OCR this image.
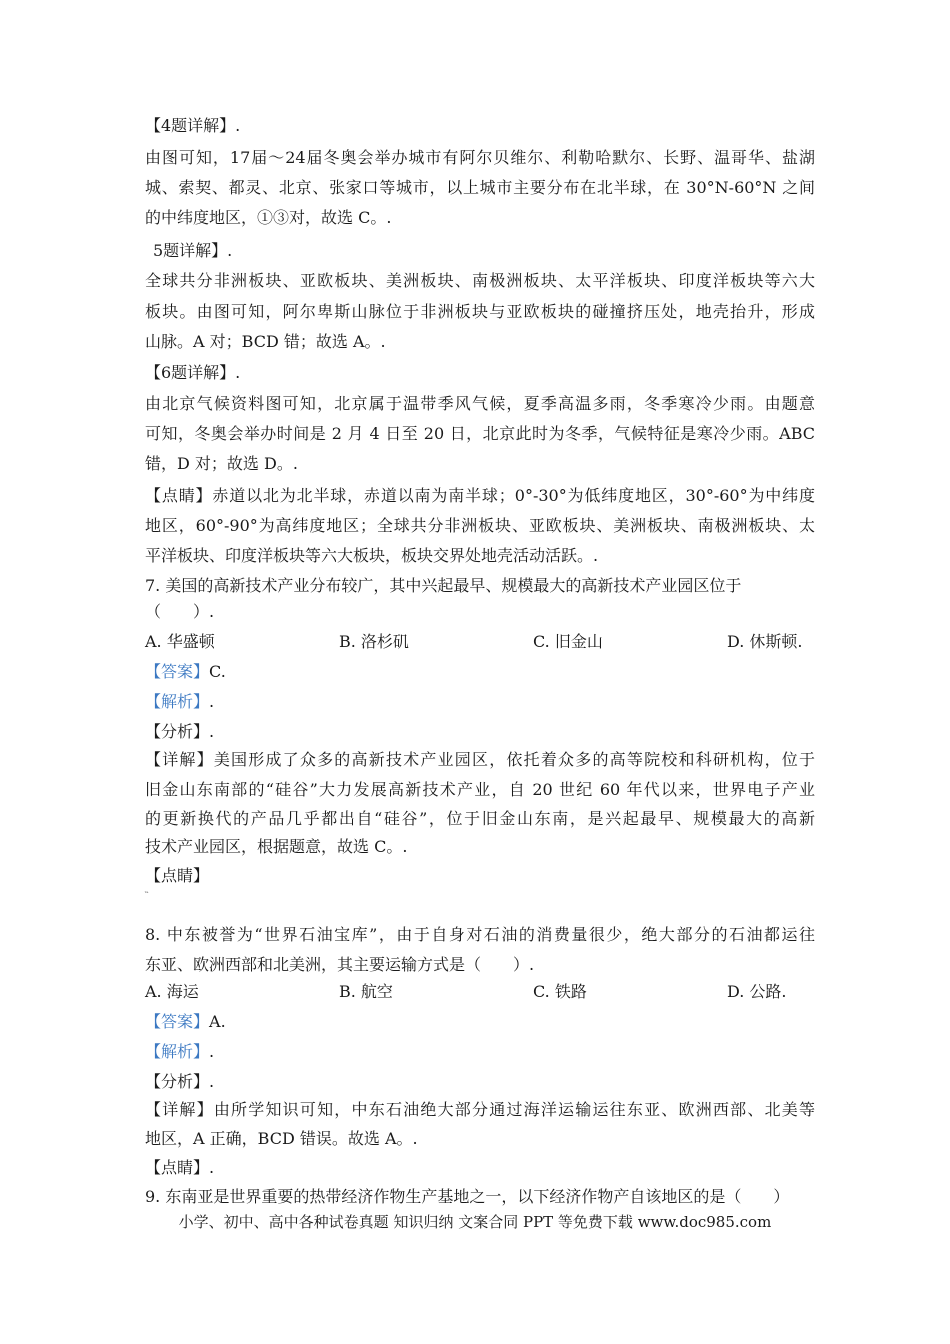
【4题详解】.
由图可知，17届～24届冬奥会举办城市有阿尔贝维尔、利勒哈默尔、长野、温哥华、盐湖
城、索契、都灵、北京、张家口等城市，以上城市主要分布在北半球，在 30°N-60°N 之间
的中纬度地区，①③对，故选 C。.
5题详解】.
全球共分非洲板块、亚欧板块、美洲板块、南极洲板块、太平洋板块、印度洋板块等六大
板块。由图可知，阿尔卑斯山脉位于非洲板块与亚欧板块的碰撞挤压处，地壳抬升，形成
山脉。A 对；BCD 错；故选 A。.
【6题详解】.
由北京气候资料图可知，北京属于温带季风气候，夏季高温多雨，冬季寒冷少雨。由题意
可知，冬奥会举办时间是 2 月 4 日至 20 日，北京此时为冬季，气候特征是寒冷少雨。ABC
错，D 对；故选 D。.
【点睛】赤道以北为北半球，赤道以南为南半球；0°-30°为低纬度地区，30°-60°为中纬度
地区，60°-90°为高纬度地区；全球共分非洲板块、亚欧板块、美洲板块、南极洲板块、太
平洋板块、印度洋板块等六大板块，板块交界处地壳活动活跃。.
7. 美国的高新技术产业分布较广，其中兴起最早、规模最大的高新技术产业园区位于
（　　）.
A. 华盛顿	B. 洛杉矶	C. 旧金山	D. 休斯顿.
【答案】C.
【解析】.
【分析】.
【详解】美国形成了众多的高新技术产业园区，依托着众多的高等院校和科研机构，位于
旧金山东南部的“硅谷”大力发展高新技术产业，自 20 世纪 60 年代以来，世界电子产业
的更新换代的产品几乎都出自“硅谷”，位于旧金山东南，是兴起最早、规模最大的高新
技术产业园区，根据题意，故选 C。.
【点睛】
˵
8. 中东被誉为“世界石油宝库”，由于自身对石油的消费量很少，绝大部分的石油都运往
东亚、欧洲西部和北美洲，其主要运输方式是（　　）.
A. 海运	B. 航空	C. 铁路	D. 公路.
【答案】A.
【解析】.
【分析】.
【详解】由所学知识可知，中东石油绝大部分通过海洋运输运往东亚、欧洲西部、北美等
地区，A 正确，BCD 错误。故选 A。.
【点睛】.
9. 东南亚是世界重要的热带经济作物生产基地之一，以下经济作物产自该地区的是（　　）
小学、初中、高中各种试卷真题 知识归纳 文案合同 PPT 等免费下载 www.doc985.com
